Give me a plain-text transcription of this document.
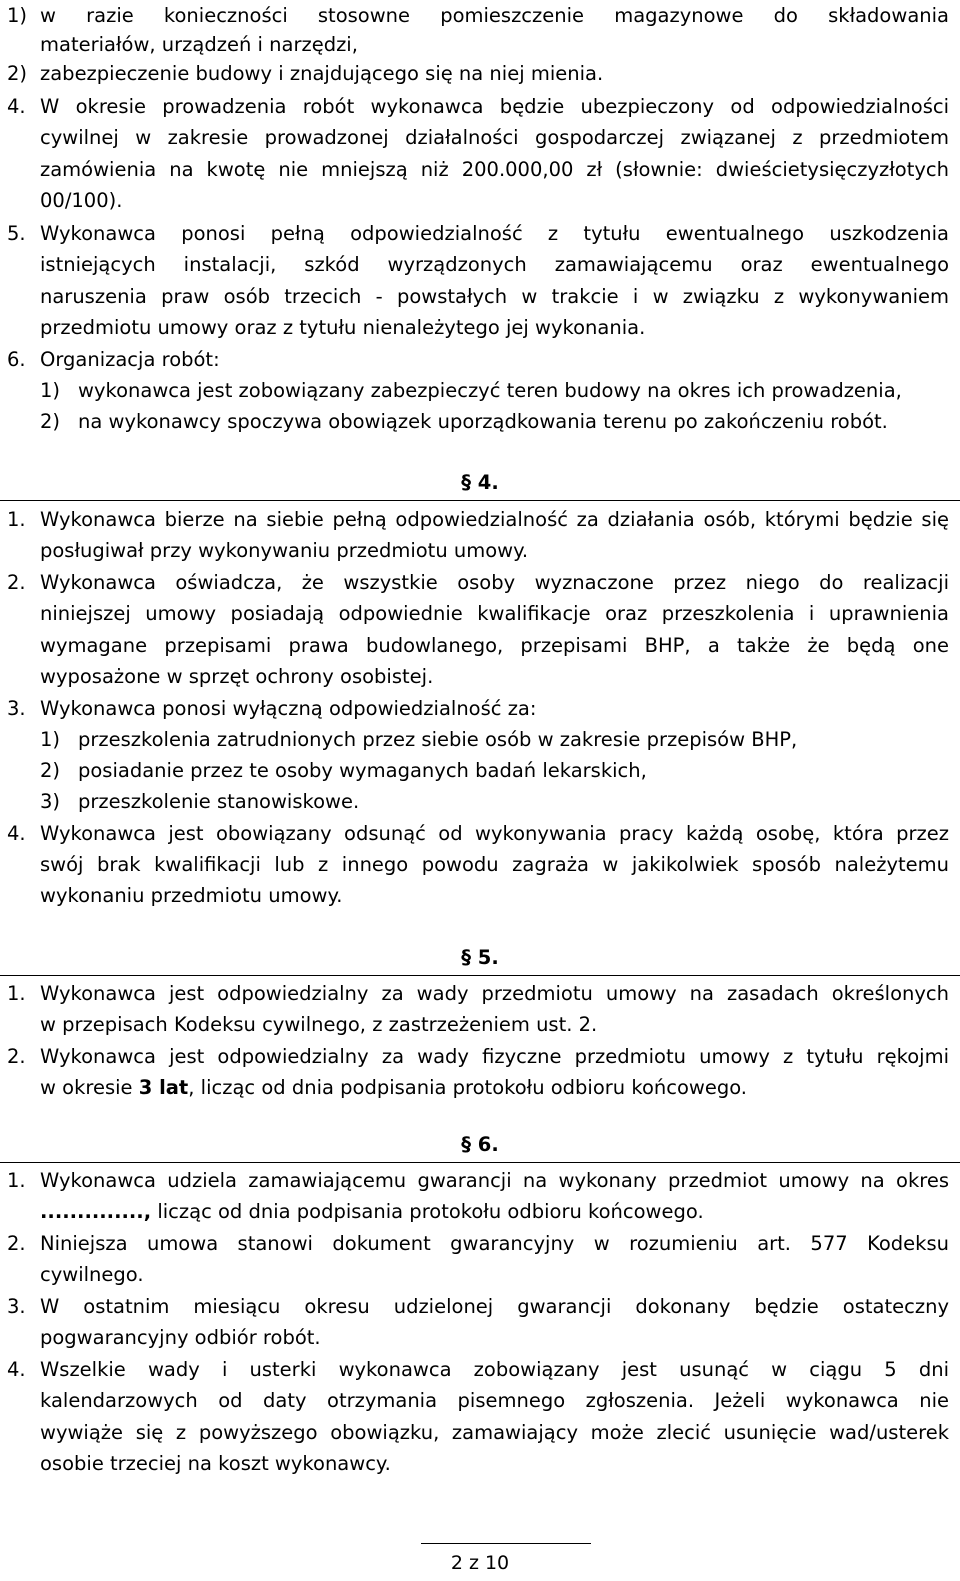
1) w razie konieczności stosowne pomieszczenie magazynowe do składowania
materiałów, urządzeń i narzędzi,
2) zabezpieczenie budowy i znajdującego się na niej mienia.
4. W okresie prowadzenia robót wykonawca będzie ubezpieczony od odpowiedzialności
cywilnej w zakresie prowadzonej działalności gospodarczej związanej z przedmiotem
zamówienia na kwotę nie mniejszą niż 200.000,00 zł (słownie: dwieścietysięczyzłotych
00/100).
5. Wykonawca ponosi pełną odpowiedzialność z tytułu ewentualnego uszkodzenia
istniejących instalacji, szkód wyrządzonych zamawiającemu oraz ewentualnego
naruszenia praw osób trzecich - powstałych w trakcie i w związku z wykonywaniem
przedmiotu umowy oraz z tytułu nienależytego jej wykonania.
6. Organizacja robót:
1) wykonawca jest zobowiązany zabezpieczyć teren budowy na okres ich prowadzenia,
2) na wykonawcy spoczywa obowiązek uporządkowania terenu po zakończeniu robót.
§ 4.
1. Wykonawca bierze na siebie pełną odpowiedzialność za działania osób, którymi będzie się
posługiwał przy wykonywaniu przedmiotu umowy.
2. Wykonawca oświadcza, że wszystkie osoby wyznaczone przez niego do realizacji
niniejszej umowy posiadają odpowiednie kwalifikacje oraz przeszkolenia i uprawnienia
wymagane przepisami prawa budowlanego, przepisami BHP, a także że będą one
wyposażone w sprzęt ochrony osobistej.
3. Wykonawca ponosi wyłączną odpowiedzialność za:
1) przeszkolenia zatrudnionych przez siebie osób w zakresie przepisów BHP,
2) posiadanie przez te osoby wymaganych badań lekarskich,
3) przeszkolenie stanowiskowe.
4. Wykonawca jest obowiązany odsunąć od wykonywania pracy każdą osobę, która przez
swój brak kwalifikacji lub z innego powodu zagraża w jakikolwiek sposób należytemu
wykonaniu przedmiotu umowy.
§ 5.
1. Wykonawca jest odpowiedzialny za wady przedmiotu umowy na zasadach określonych
w przepisach Kodeksu cywilnego, z zastrzeżeniem ust. 2.
2. Wykonawca jest odpowiedzialny za wady fizyczne przedmiotu umowy z tytułu rękojmi
w okresie 3 lat, licząc od dnia podpisania protokołu odbioru końcowego.
§ 6.
1. Wykonawca udziela zamawiającemu gwarancji na wykonany przedmiot umowy na okres
.............., licząc od dnia podpisania protokołu odbioru końcowego.
2. Niniejsza umowa stanowi dokument gwarancyjny w rozumieniu art. 577 Kodeksu
cywilnego.
3. W ostatnim miesiącu okresu udzielonej gwarancji dokonany będzie ostateczny
pogwarancyjny odbiór robót.
4. Wszelkie wady i usterki wykonawca zobowiązany jest usunąć w ciągu 5 dni
kalendarzowych od daty otrzymania pisemnego zgłoszenia. Jeżeli wykonawca nie
wywiąże się z powyższego obowiązku, zamawiający może zlecić usunięcie wad/usterek
osobie trzeciej na koszt wykonawcy.
2 z 10
